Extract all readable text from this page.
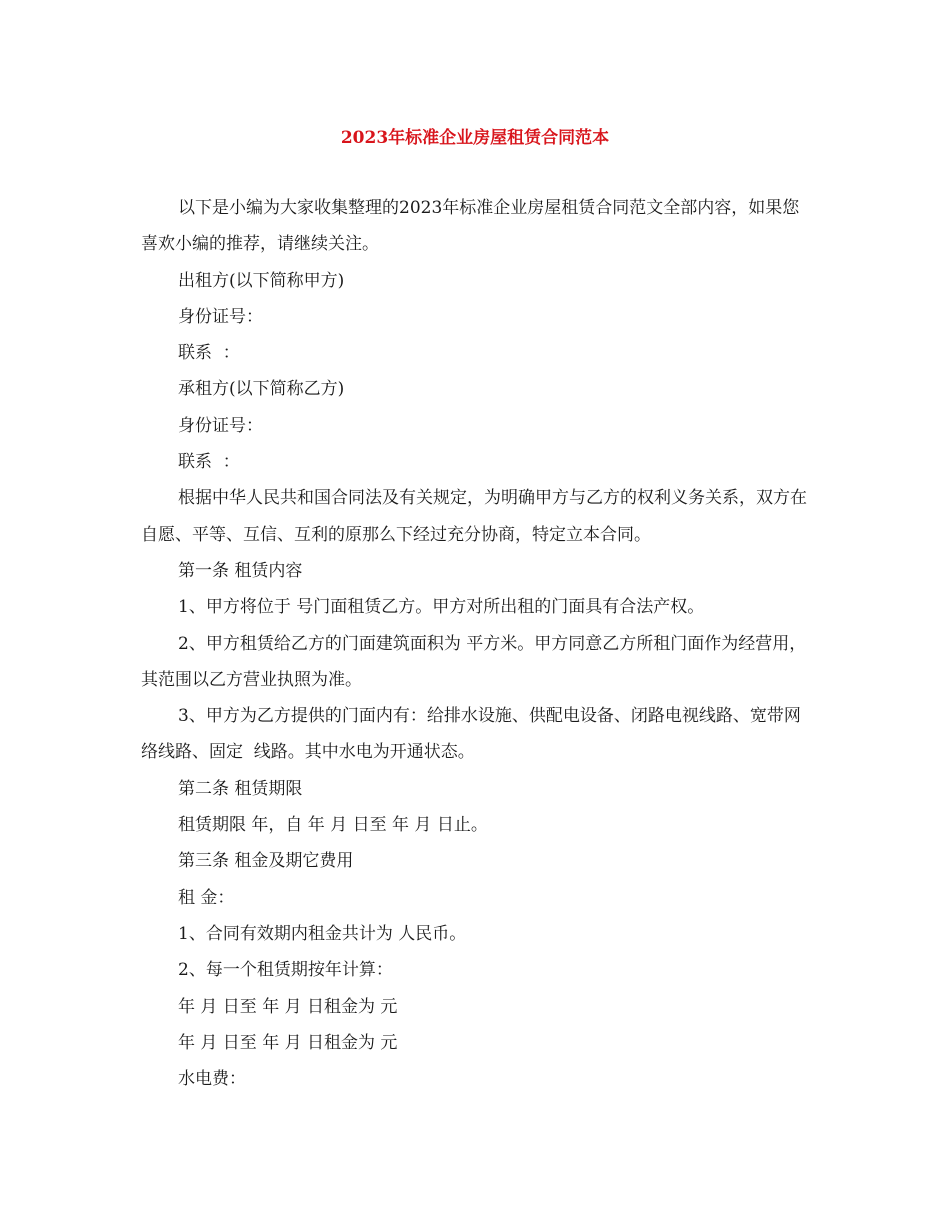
2023年标准企业房屋租赁合同范本

以下是小编为大家收集整理的2023年标准企业房屋租赁合同范文全部内容，如果您喜欢小编的推荐，请继续关注。

出租方(以下简称甲方)

身份证号：

联系  ：

承租方(以下简称乙方)

身份证号：

联系  ：

根据中华人民共和国合同法及有关规定，为明确甲方与乙方的权利义务关系，双方在自愿、平等、互信、互利的原那么下经过充分协商，特定立本合同。

第一条 租赁内容

1、甲方将位于 号门面租赁乙方。甲方对所出租的门面具有合法产权。

2、甲方租赁给乙方的门面建筑面积为 平方米。甲方同意乙方所租门面作为经营用，其范围以乙方营业执照为准。

3、甲方为乙方提供的门面内有：给排水设施、供配电设备、闭路电视线路、宽带网络线路、固定  线路。其中水电为开通状态。

第二条 租赁期限

租赁期限 年，自 年 月 日至 年 月 日止。

第三条 租金及期它费用

租 金：

1、合同有效期内租金共计为 人民币。

2、每一个租赁期按年计算：

年 月 日至 年 月 日租金为 元

年 月 日至 年 月 日租金为 元

水电费：
